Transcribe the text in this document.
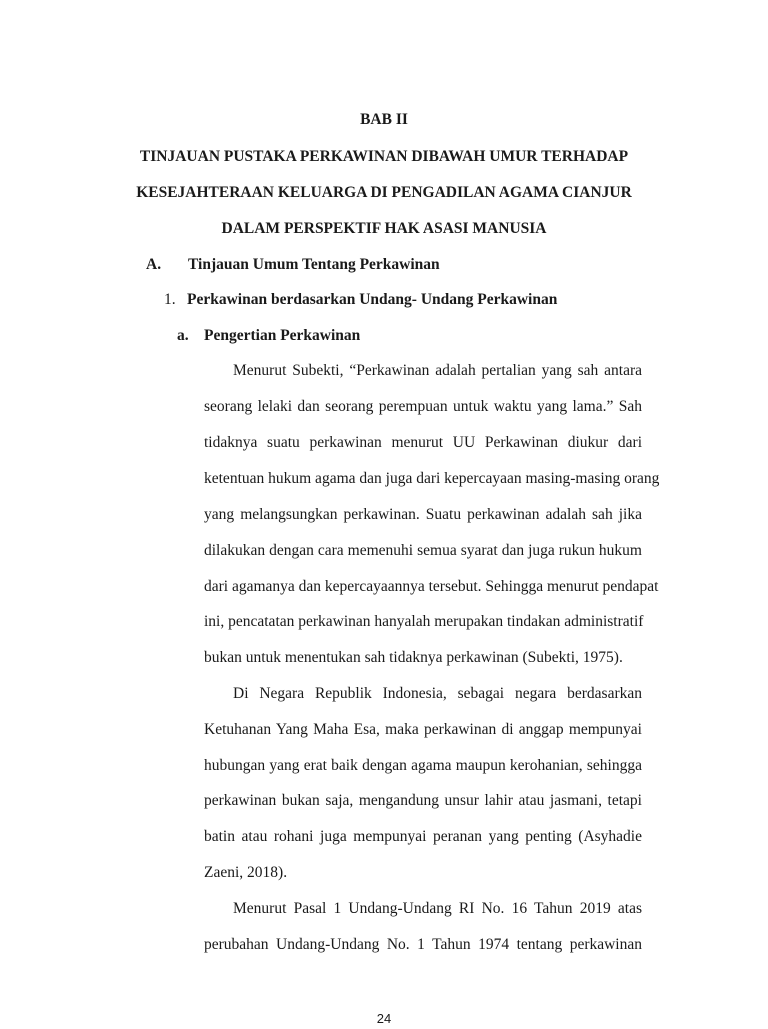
BAB II
TINJAUAN PUSTAKA PERKAWINAN DIBAWAH UMUR TERHADAP
KESEJAHTERAAN KELUARGA DI PENGADILAN AGAMA CIANJUR
DALAM PERSPEKTIF HAK ASASI MANUSIA
A. Tinjauan Umum Tentang Perkawinan
1. Perkawinan berdasarkan Undang- Undang Perkawinan
a. Pengertian Perkawinan
Menurut Subekti, “Perkawinan adalah pertalian yang sah antara
seorang lelaki dan seorang perempuan untuk waktu yang lama.” Sah
tidaknya suatu perkawinan menurut UU Perkawinan diukur dari
ketentuan hukum agama dan juga dari kepercayaan masing-masing orang
yang melangsungkan perkawinan. Suatu perkawinan adalah sah jika
dilakukan dengan cara memenuhi semua syarat dan juga rukun hukum
dari agamanya dan kepercayaannya tersebut. Sehingga menurut pendapat
ini, pencatatan perkawinan hanyalah merupakan tindakan administratif
bukan untuk menentukan sah tidaknya perkawinan (Subekti, 1975).
Di Negara Republik Indonesia, sebagai negara berdasarkan
Ketuhanan Yang Maha Esa, maka perkawinan di anggap mempunyai
hubungan yang erat baik dengan agama maupun kerohanian, sehingga
perkawinan bukan saja, mengandung unsur lahir atau jasmani, tetapi
batin atau rohani juga mempunyai peranan yang penting (Asyhadie
Zaeni, 2018).
Menurut Pasal 1 Undang-Undang RI No. 16 Tahun 2019 atas
perubahan Undang-Undang No. 1 Tahun 1974 tentang perkawinan
24
